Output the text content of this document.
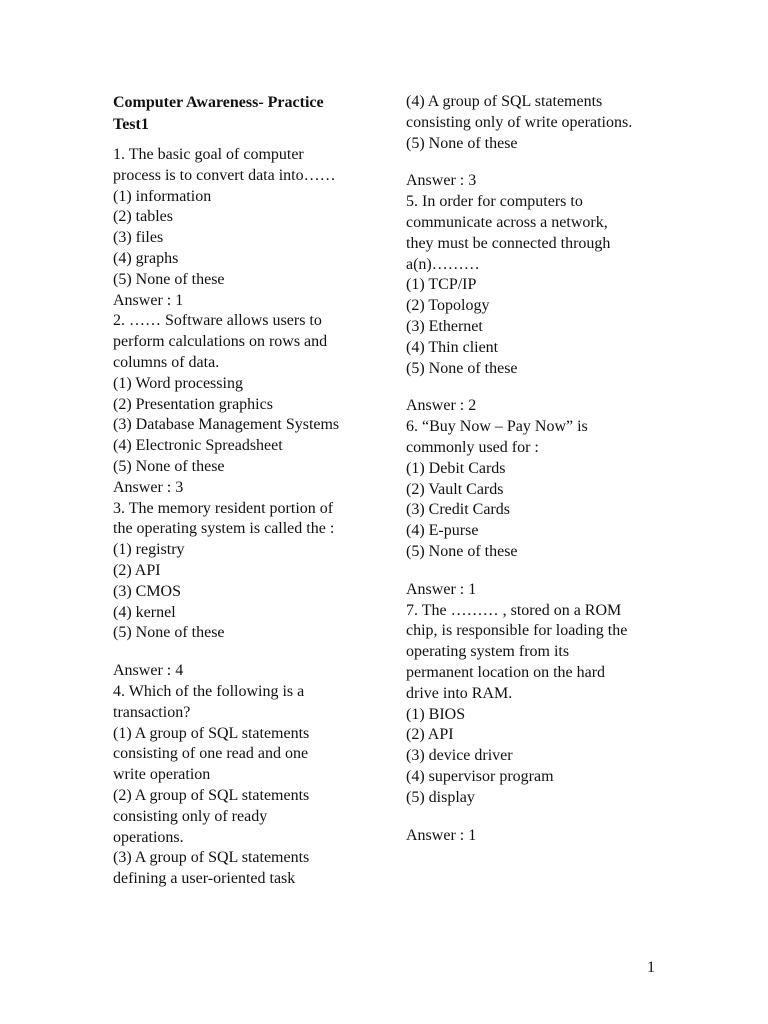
Computer Awareness- Practice
Test1
1. The basic goal of computer
process is to convert data into……
(1) information
(2) tables
(3) files
(4) graphs
(5) None of these
Answer : 1
2. …… Software allows users to
perform calculations on rows and
columns of data.
(1) Word processing
(2) Presentation graphics
(3) Database Management Systems
(4) Electronic Spreadsheet
(5) None of these
Answer : 3
3. The memory resident portion of
the operating system is called the :
(1) registry
(2) API
(3) CMOS
(4) kernel
(5) None of these
Answer : 4
4. Which of the following is a
transaction?
(1) A group of SQL statements
consisting of one read and one
write operation
(2) A group of SQL statements
consisting only of ready
operations.
(3) A group of SQL statements
defining a user-oriented task
(4) A group of SQL statements
consisting only of write operations.
(5) None of these
Answer : 3
5. In order for computers to
communicate across a network,
they must be connected through
a(n)………
(1) TCP/IP
(2) Topology
(3) Ethernet
(4) Thin client
(5) None of these
Answer : 2
6. “Buy Now – Pay Now” is
commonly used for :
(1) Debit Cards
(2) Vault Cards
(3) Credit Cards
(4) E-purse
(5) None of these
Answer : 1
7. The ……… , stored on a ROM
chip, is responsible for loading the
operating system from its
permanent location on the hard
drive into RAM.
(1) BIOS
(2) API
(3) device driver
(4) supervisor program
(5) display
Answer : 1
1
